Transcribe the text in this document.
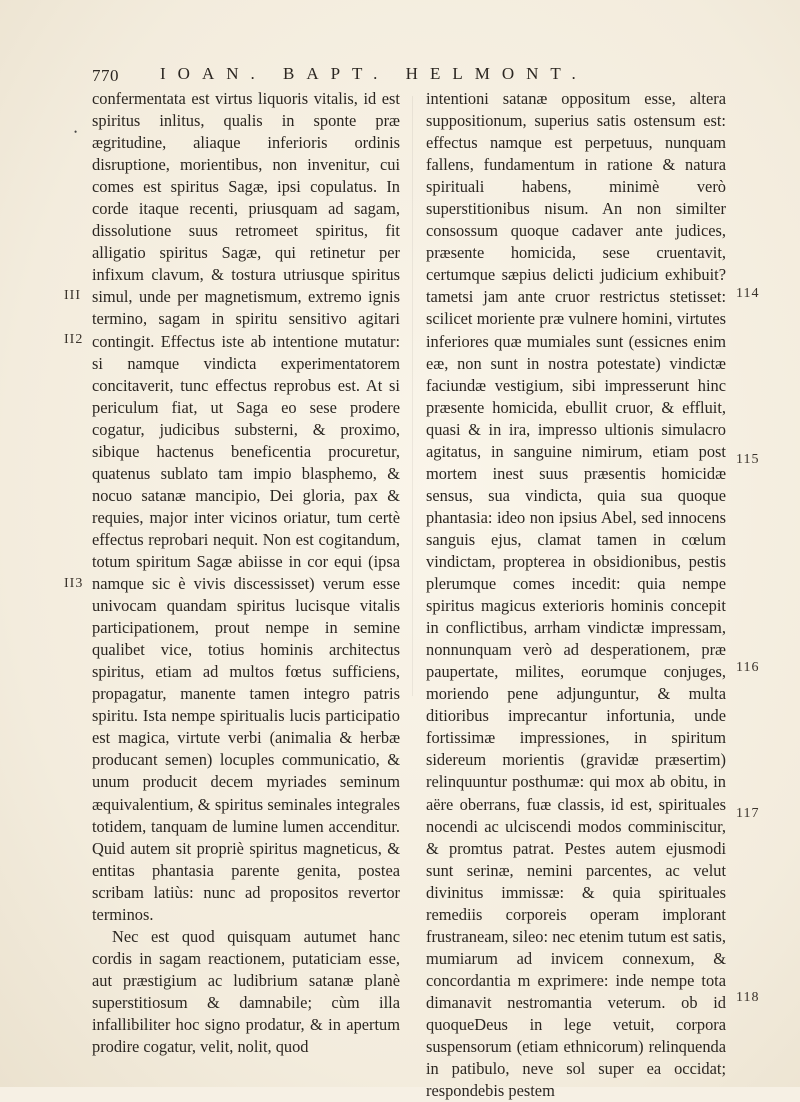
770 IOAN. BAPT. HELMONT.
•

confermentata est virtus liquoris vitalis, id est spiritus inlitus, qualis in sponte præ ægritudine, aliaque inferioris ordinis disruptione, morientibus, non invenitur, cui comes est spiritus Sagæ, ipsi copulatus. In corde itaque recenti, priusquam ad sagam, dissolutione suus retromeet spiritus, fit alligatio spiritus Sagæ, qui retinetur per infixum clavum, & tostura utriusque spiritus simul, unde per magnetismum, extremo ignis termino, sagam in spiritu sensitivo agitari contingit. Effectus iste ab intentione mutatur: si namque vindicta experimentatorem concitaverit, tunc effectus reprobus est. At si periculum fiat, ut Saga eo sese prodere cogatur, judicibus substerni, & proximo, sibique hactenus beneficentia procuretur, quatenus sublato tam impio blasphemo, & nocuo satanæ mancipio, Dei gloria, pax & requies, major inter vicinos oriatur, tum certè effectus reprobari nequit. Non est cogitandum, totum spiritum Sagæ abiisse in cor equi (ipsa namque sic è vivis discessisset) verum esse univocam quandam spiritus lucisque vitalis participationem, prout nempe in semine qualibet vice, totius hominis architectus spiritus, etiam ad multos fœtus sufficiens, propagatur, manente tamen integro patris spiritu. Ista nempe spiritualis lucis participatio est magica, virtute verbi (animalia & herbæ producant semen) locuples communicatio, & unum producit decem myriades seminum æquivalentium, & spiritus seminales integrales totidem, tanquam de lumine lumen accenditur. Quid autem sit propriè spiritus magneticus, & entitas phantasia parente genita, postea scribam latiùs: nunc ad propositos revertor terminos.

Nec est quod quisquam autumet hanc cordis in sagam reactionem, putaticiam esse, aut præstigium ac ludibrium satanæ planè superstitiosum & damnabile; cùm illa infallibiliter hoc signo prodatur, & in apertum prodire cogatur, velit, nolit, quod

intentioni satanæ oppositum esse, altera suppositionum, superius satis ostensum est: effectus namque est perpetuus, nunquam fallens, fundamentum in ratione & natura spirituali habens, minimè verò superstitionibus nisum. An non similter consossum quoque cadaver ante judices, præsente homicida, sese cruentavit, certumque sæpius delicti judicium exhibuit? tametsi jam ante cruor restrictus stetisset: scilicet moriente præ vulnere homini, virtutes inferiores quæ mumiales sunt (essicnes enim eæ, non sunt in nostra potestate) vindictæ faciundæ vestigium, sibi impresserunt hinc præsente homicida, ebullit cruor, & effluit, quasi & in ira, impresso ultionis simulacro agitatus, in sanguine nimirum, etiam post mortem inest suus præsentis homicidæ sensus, sua vindicta, quia sua quoque phantasia: ideo non ipsius Abel, sed innocens sanguis ejus, clamat tamen in cœlum vindictam, propterea in obsidionibus, pestis plerumque comes incedit: quia nempe spiritus magicus exterioris hominis concepit in conflictibus, arrham vindictæ impressam, nonnunquam verò ad desperationem, præ paupertate, milites, eorumque conjuges, moriendo pene adjunguntur, & multa ditioribus imprecantur infortunia, unde fortissimæ impressiones, in spiritum sidereum morientis (gravidæ præsertim) relinquuntur posthumæ: qui mox ab obitu, in aëre oberrans, fuæ classis, id est, spirituales nocendi ac ulciscendi modos comminiscitur, & promtus patrat. Pestes autem ejusmodi sunt serinæ, nemini parcentes, ac velut divinitus immissæ: & quia spirituales remediis corporeis operam implorant frustraneam, sileo: nec etenim tutum est satis, mumiarum ad invicem connexum, & concordantia m exprimere: inde nempe tota dimanavit nestromantia veterum. ob id quoqueDeus in lege vetuit, corpora suspensorum (etiam ethnicorum) relinquenda in patibulo, neve sol super ea occidat; respondebis pestem

III
II2
II3
114
115
116
117
118
